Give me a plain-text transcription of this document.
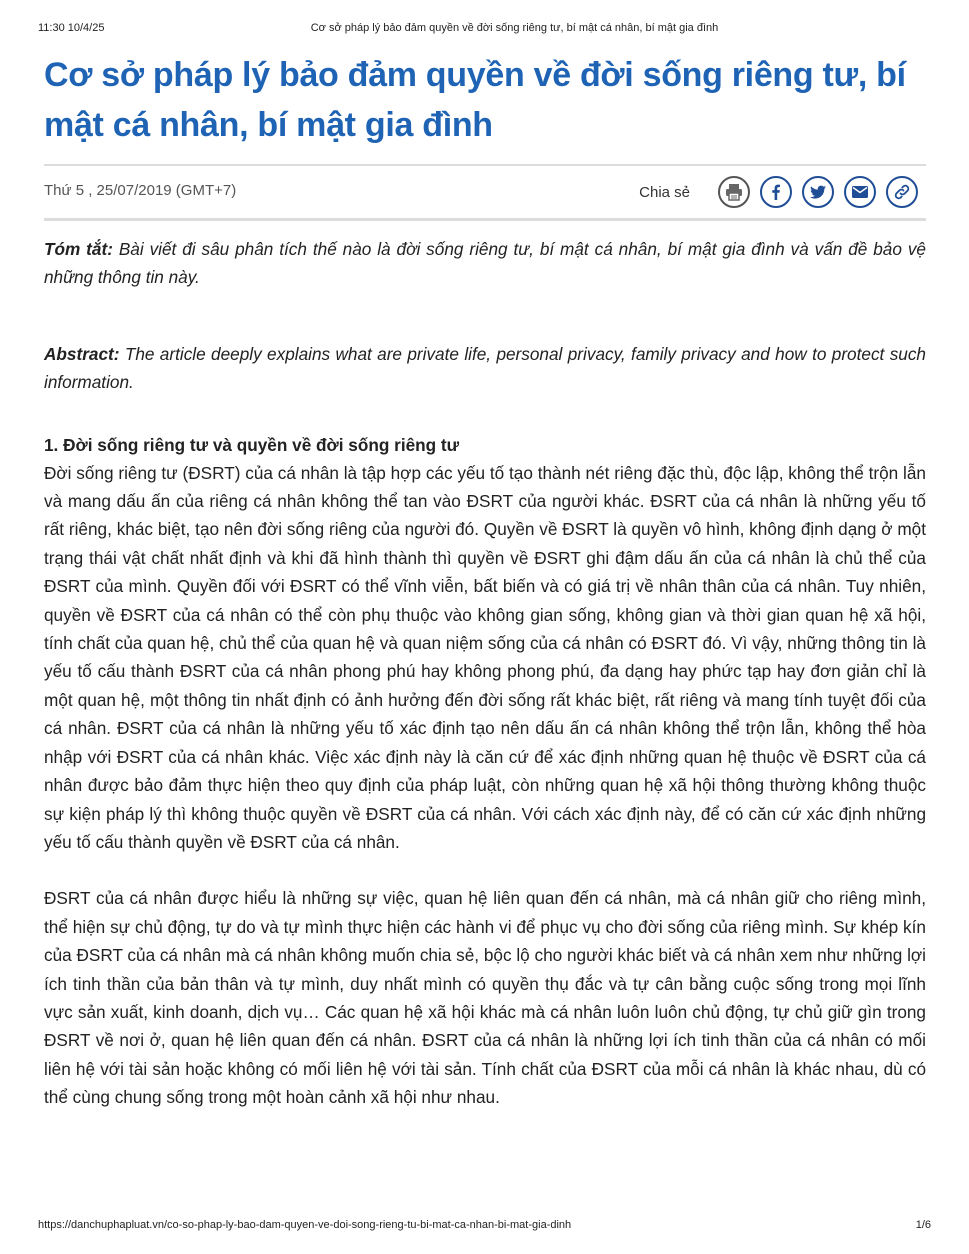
11:30 10/4/25	Cơ sở pháp lý bảo đảm quyền về đời sống riêng tư, bí mật cá nhân, bí mật gia đình
Cơ sở pháp lý bảo đảm quyền về đời sống riêng tư, bí mật cá nhân, bí mật gia đình
Thứ 5 , 25/07/2019 (GMT+7)	Chia sẻ

Tóm tắt: Bài viết đi sâu phân tích thế nào là đời sống riêng tư, bí mật cá nhân, bí mật gia đình và vấn đề bảo vệ những thông tin này.

Abstract: The article deeply explains what are private life, personal privacy, family privacy and how to protect such information.

1. Đời sống riêng tư và quyền về đời sống riêng tư

Đời sống riêng tư (ĐSRT) của cá nhân là tập hợp các yếu tố tạo thành nét riêng đặc thù, độc lập, không thể trộn lẫn và mang dấu ấn của riêng cá nhân không thể tan vào ĐSRT của người khác. ĐSRT của cá nhân là những yếu tố rất riêng, khác biệt, tạo nên đời sống riêng của người đó. Quyền về ĐSRT là quyền vô hình, không định dạng ở một trạng thái vật chất nhất định và khi đã hình thành thì quyền về ĐSRT ghi đậm dấu ấn của cá nhân là chủ thể của ĐSRT của mình. Quyền đối với ĐSRT có thể vĩnh viễn, bất biến và có giá trị về nhân thân của cá nhân. Tuy nhiên, quyền về ĐSRT của cá nhân có thể còn phụ thuộc vào không gian sống, không gian và thời gian quan hệ xã hội, tính chất của quan hệ, chủ thể của quan hệ và quan niệm sống của cá nhân có ĐSRT đó. Vì vậy, những thông tin là yếu tố cấu thành ĐSRT của cá nhân phong phú hay không phong phú, đa dạng hay phức tạp hay đơn giản chỉ là một quan hệ, một thông tin nhất định có ảnh hưởng đến đời sống rất khác biệt, rất riêng và mang tính tuyệt đối của cá nhân. ĐSRT của cá nhân là những yếu tố xác định tạo nên dấu ấn cá nhân không thể trộn lẫn, không thể hòa nhập với ĐSRT của cá nhân khác. Việc xác định này là căn cứ để xác định những quan hệ thuộc về ĐSRT của cá nhân được bảo đảm thực hiện theo quy định của pháp luật, còn những quan hệ xã hội thông thường không thuộc sự kiện pháp lý thì không thuộc quyền về ĐSRT của cá nhân. Với cách xác định này, để có căn cứ xác định những yếu tố cấu thành quyền về ĐSRT của cá nhân.

ĐSRT của cá nhân được hiểu là những sự việc, quan hệ liên quan đến cá nhân, mà cá nhân giữ cho riêng mình, thể hiện sự chủ động, tự do và tự mình thực hiện các hành vi để phục vụ cho đời sống của riêng mình. Sự khép kín của ĐSRT của cá nhân mà cá nhân không muốn chia sẻ, bộc lộ cho người khác biết và cá nhân xem như những lợi ích tinh thần của bản thân và tự mình, duy nhất mình có quyền thụ đắc và tự cân bằng cuộc sống trong mọi lĩnh vực sản xuất, kinh doanh, dịch vụ… Các quan hệ xã hội khác mà cá nhân luôn luôn chủ động, tự chủ giữ gìn trong ĐSRT về nơi ở, quan hệ liên quan đến cá nhân. ĐSRT của cá nhân là những lợi ích tinh thần của cá nhân có mối liên hệ với tài sản hoặc không có mối liên hệ với tài sản. Tính chất của ĐSRT của mỗi cá nhân là khác nhau, dù có thể cùng chung sống trong một hoàn cảnh xã hội như nhau.

https://danchuphapluat.vn/co-so-phap-ly-bao-dam-quyen-ve-doi-song-rieng-tu-bi-mat-ca-nhan-bi-mat-gia-dinh	1/6
